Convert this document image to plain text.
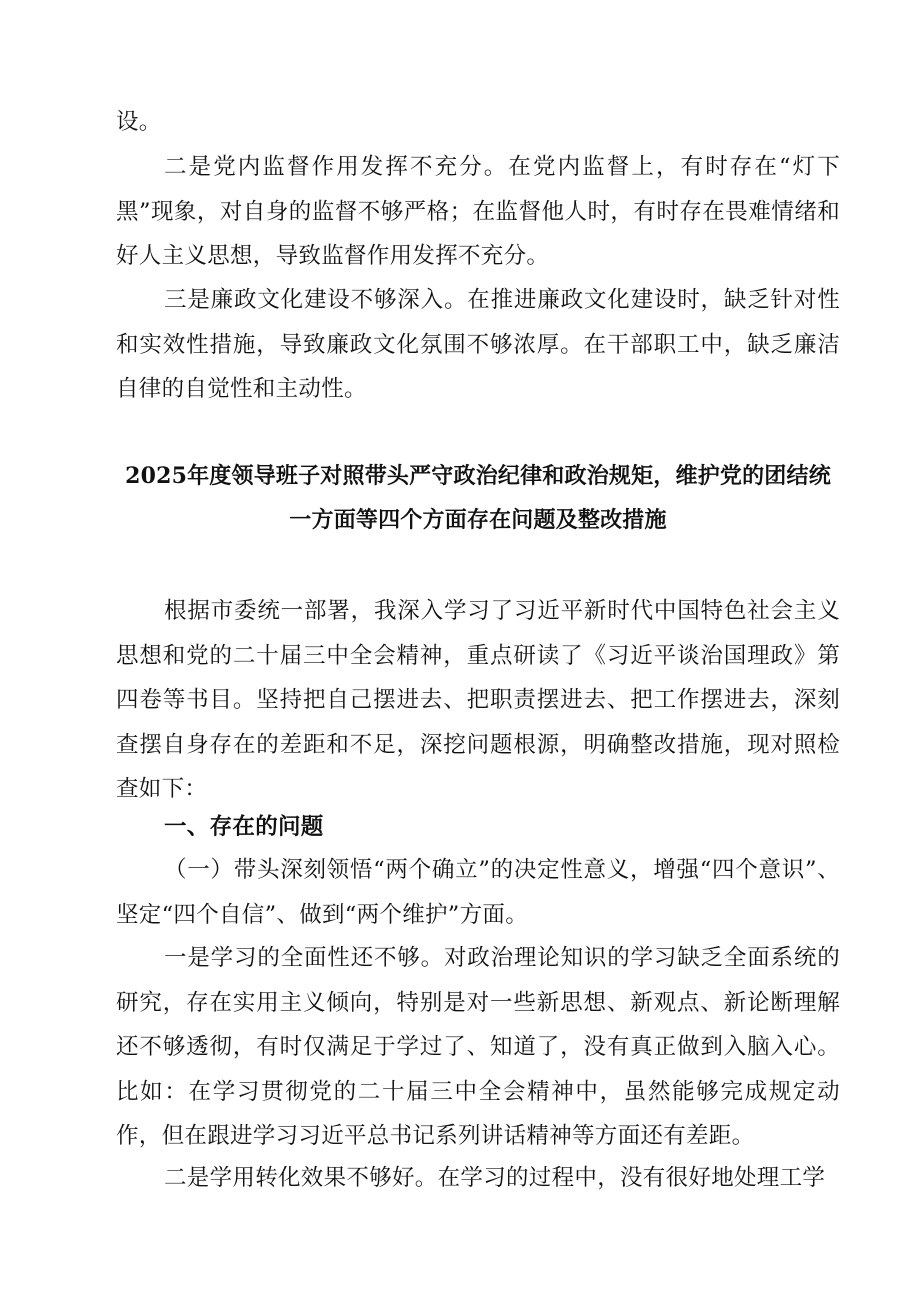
设。

二是党内监督作用发挥不充分。在党内监督上，有时存在“灯下黑”现象，对自身的监督不够严格；在监督他人时，有时存在畏难情绪和好人主义思想，导致监督作用发挥不充分。

三是廉政文化建设不够深入。在推进廉政文化建设时，缺乏针对性和实效性措施，导致廉政文化氛围不够浓厚。在干部职工中，缺乏廉洁自律的自觉性和主动性。

2025年度领导班子对照带头严守政治纪律和政治规矩，维护党的团结统一方面等四个方面存在问题及整改措施

根据市委统一部署，我深入学习了习近平新时代中国特色社会主义思想和党的二十届三中全会精神，重点研读了《习近平谈治国理政》第四卷等书目。坚持把自己摆进去、把职责摆进去、把工作摆进去，深刻查摆自身存在的差距和不足，深挖问题根源，明确整改措施，现对照检查如下：

一、存在的问题

（一）带头深刻领悟“两个确立”的决定性意义，增强“四个意识”、坚定“四个自信”、做到“两个维护”方面。

一是学习的全面性还不够。对政治理论知识的学习缺乏全面系统的研究，存在实用主义倾向，特别是对一些新思想、新观点、新论断理解还不够透彻，有时仅满足于学过了、知道了，没有真正做到入脑入心。比如：在学习贯彻党的二十届三中全会精神中，虽然能够完成规定动作，但在跟进学习习近平总书记系列讲话精神等方面还有差距。

二是学用转化效果不够好。在学习的过程中，没有很好地处理工学
